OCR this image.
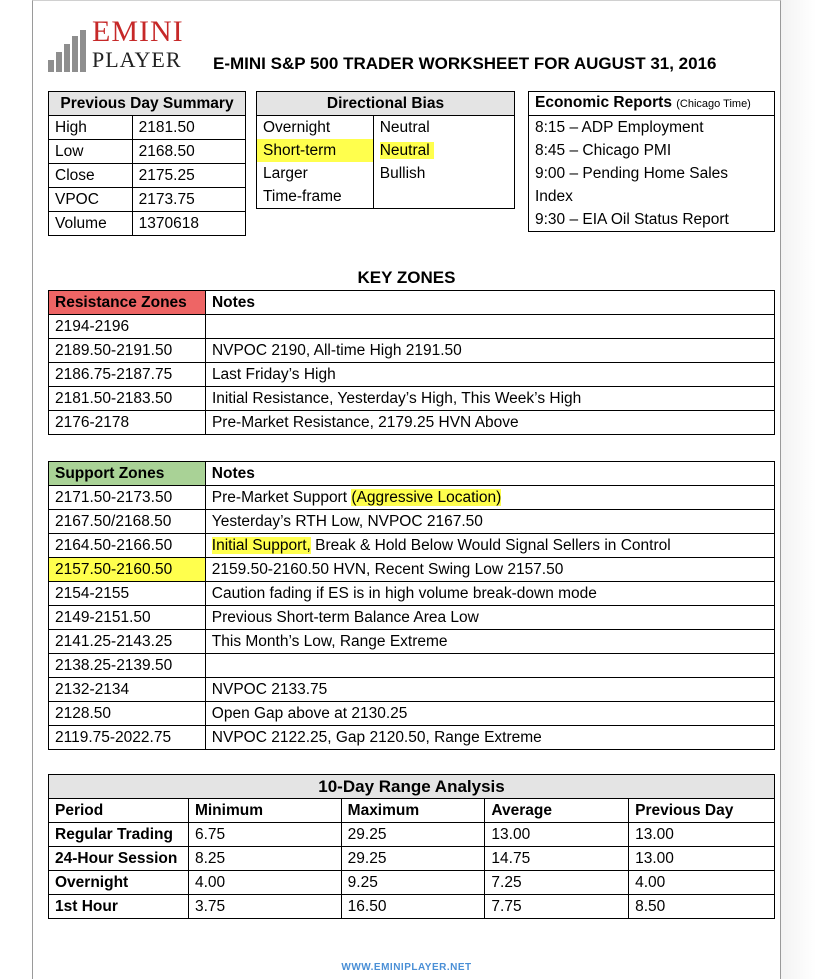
EMINI
PLAYER E-MINI S&P 500 TRADER WORKSHEET FOR AUGUST 31, 2016
Previous Day Summary	
High	2181.50
Low	2168.50
Close	2175.25
VPOC	2173.75
Volume	1370618
Directional Bias	
Overnight	Neutral
Short-term	Neutral
Larger	Bullish
Time-frame	
Economic Reports (Chicago Time)
8:15 – ADP Employment
8:45 – Chicago PMI
9:00 – Pending Home Sales
Index
9:30 – EIA Oil Status Report
KEY ZONES
Resistance Zones	Notes
2194-2196	
2189.50-2191.50	NVPOC 2190, All-time High 2191.50
2186.75-2187.75	Last Friday’s High
2181.50-2183.50	Initial Resistance, Yesterday’s High, This Week’s High
2176-2178	Pre-Market Resistance, 2179.25 HVN Above
Support Zones	Notes
2171.50-2173.50	Pre-Market Support (Aggressive Location)
2167.50/2168.50	Yesterday’s RTH Low, NVPOC 2167.50
2164.50-2166.50	Initial Support, Break & Hold Below Would Signal Sellers in Control
2157.50-2160.50	2159.50-2160.50 HVN, Recent Swing Low 2157.50
2154-2155	Caution fading if ES is in high volume break-down mode
2149-2151.50	Previous Short-term Balance Area Low
2141.25-2143.25	This Month’s Low, Range Extreme
2138.25-2139.50	
2132-2134	NVPOC 2133.75
2128.50	Open Gap above at 2130.25
2119.75-2022.75	NVPOC 2122.25, Gap 2120.50, Range Extreme
10-Day Range Analysis				
Period	Minimum	Maximum	Average	Previous Day
Regular Trading	6.75	29.25	13.00	13.00
24-Hour Session	8.25	29.25	14.75	13.00
Overnight	4.00	9.25	7.25	4.00
1st Hour	3.75	16.50	7.75	8.50
WWW.EMINIPLAYER.NET
